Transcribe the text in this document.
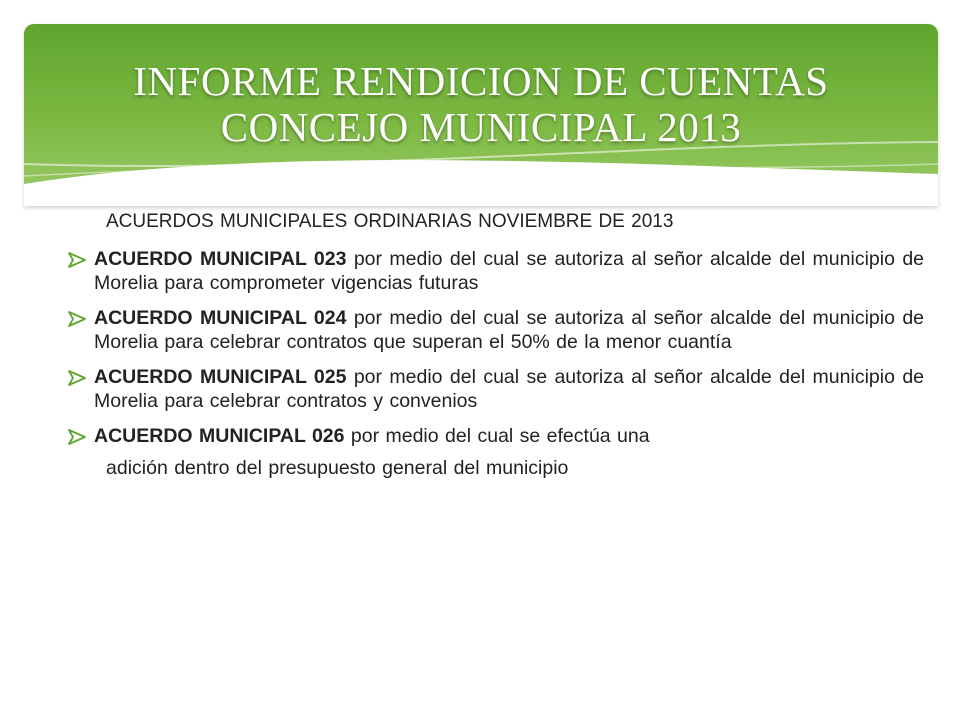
INFORME RENDICION DE CUENTAS
CONCEJO MUNICIPAL 2013

ACUERDOS MUNICIPALES ORDINARIAS NOVIEMBRE DE 2013

ACUERDO MUNICIPAL 023 por medio del cual se autoriza al señor alcalde del municipio de Morelia para comprometer vigencias futuras

ACUERDO MUNICIPAL 024 por medio del cual se autoriza al señor alcalde del municipio de Morelia para celebrar contratos que superan el 50% de la menor cuantía

ACUERDO MUNICIPAL 025 por medio del cual se autoriza al señor alcalde del municipio de Morelia para celebrar contratos y convenios

ACUERDO MUNICIPAL 026 por medio del cual se efectúa una

adición dentro del presupuesto general del municipio
